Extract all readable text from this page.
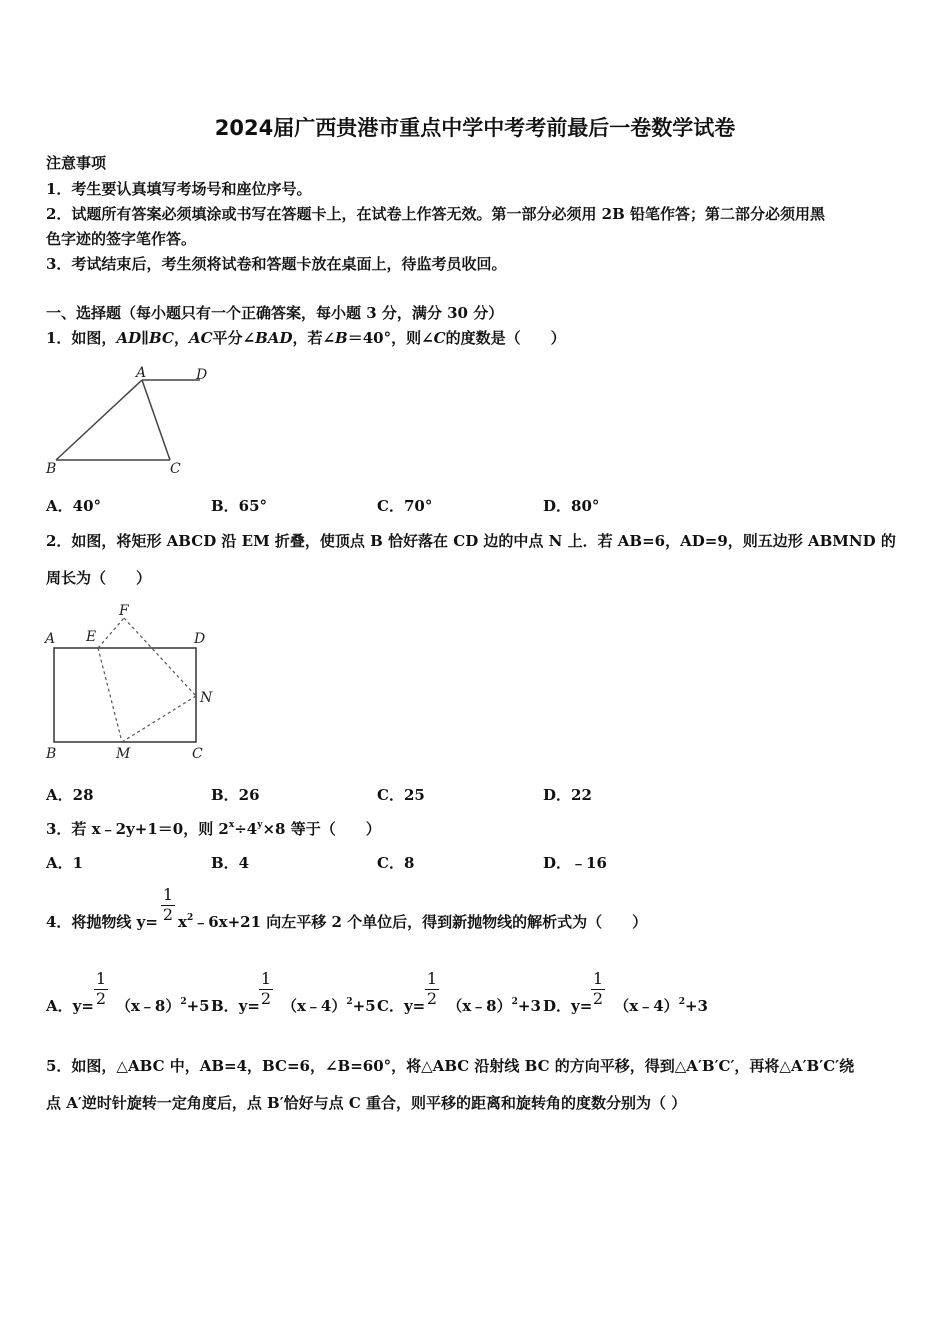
2024届广西贵港市重点中学中考考前最后一卷数学试卷
注意事项
1．考生要认真填写考场号和座位序号。
2．试题所有答案必须填涂或书写在答题卡上，在试卷上作答无效。第一部分必须用 2B 铅笔作答；第二部分必须用黑
色字迹的签字笔作答。
3．考试结束后，考生须将试卷和答题卡放在桌面上，待监考员收回。
一、选择题（每小题只有一个正确答案，每小题 3 分，满分 30 分）
1．如图，AD∥BC，AC平分∠BAD，若∠B＝40°，则∠C的度数是（　　）
A	D
B	C
A．40°	B．65°	C．70°	D．80°
2．如图，将矩形 ABCD 沿 EM 折叠，使顶点 B 恰好落在 CD 边的中点 N 上．若 AB=6，AD=9，则五边形 ABMND 的
周长为（　　）
A E
F
D
N
B	M	C
A．28	B．26	C．25	D．22
3．若 x﹣2y+1＝0，则 $2^x\div 4^y\times 8$ 等于（　　）
A．1	B．4	C．8	D．﹣16
4．将抛物线 y=
1
2 $x^2﹣6x+21$ 向左平移 2 个单位后，得到新抛物线的解析式为（　　）
A．y= （x﹣8）$^2$+5
1
2	B．y= （x﹣4）$^2$+5
1
2	C．y= （x﹣8）$^2$+3
1
2	D．y= （x﹣4）$^2$+3
1
2
5．如图，△ABC 中，AB=4，BC=6，∠B=60°，将△ABC 沿射线 BC 的方向平移，得到△A′B′C′，再将△A′B′C′绕
点 A′逆时针旋转一定角度后，点 B′恰好与点 C 重合，则平移的距离和旋转角的度数分别为（ ）
